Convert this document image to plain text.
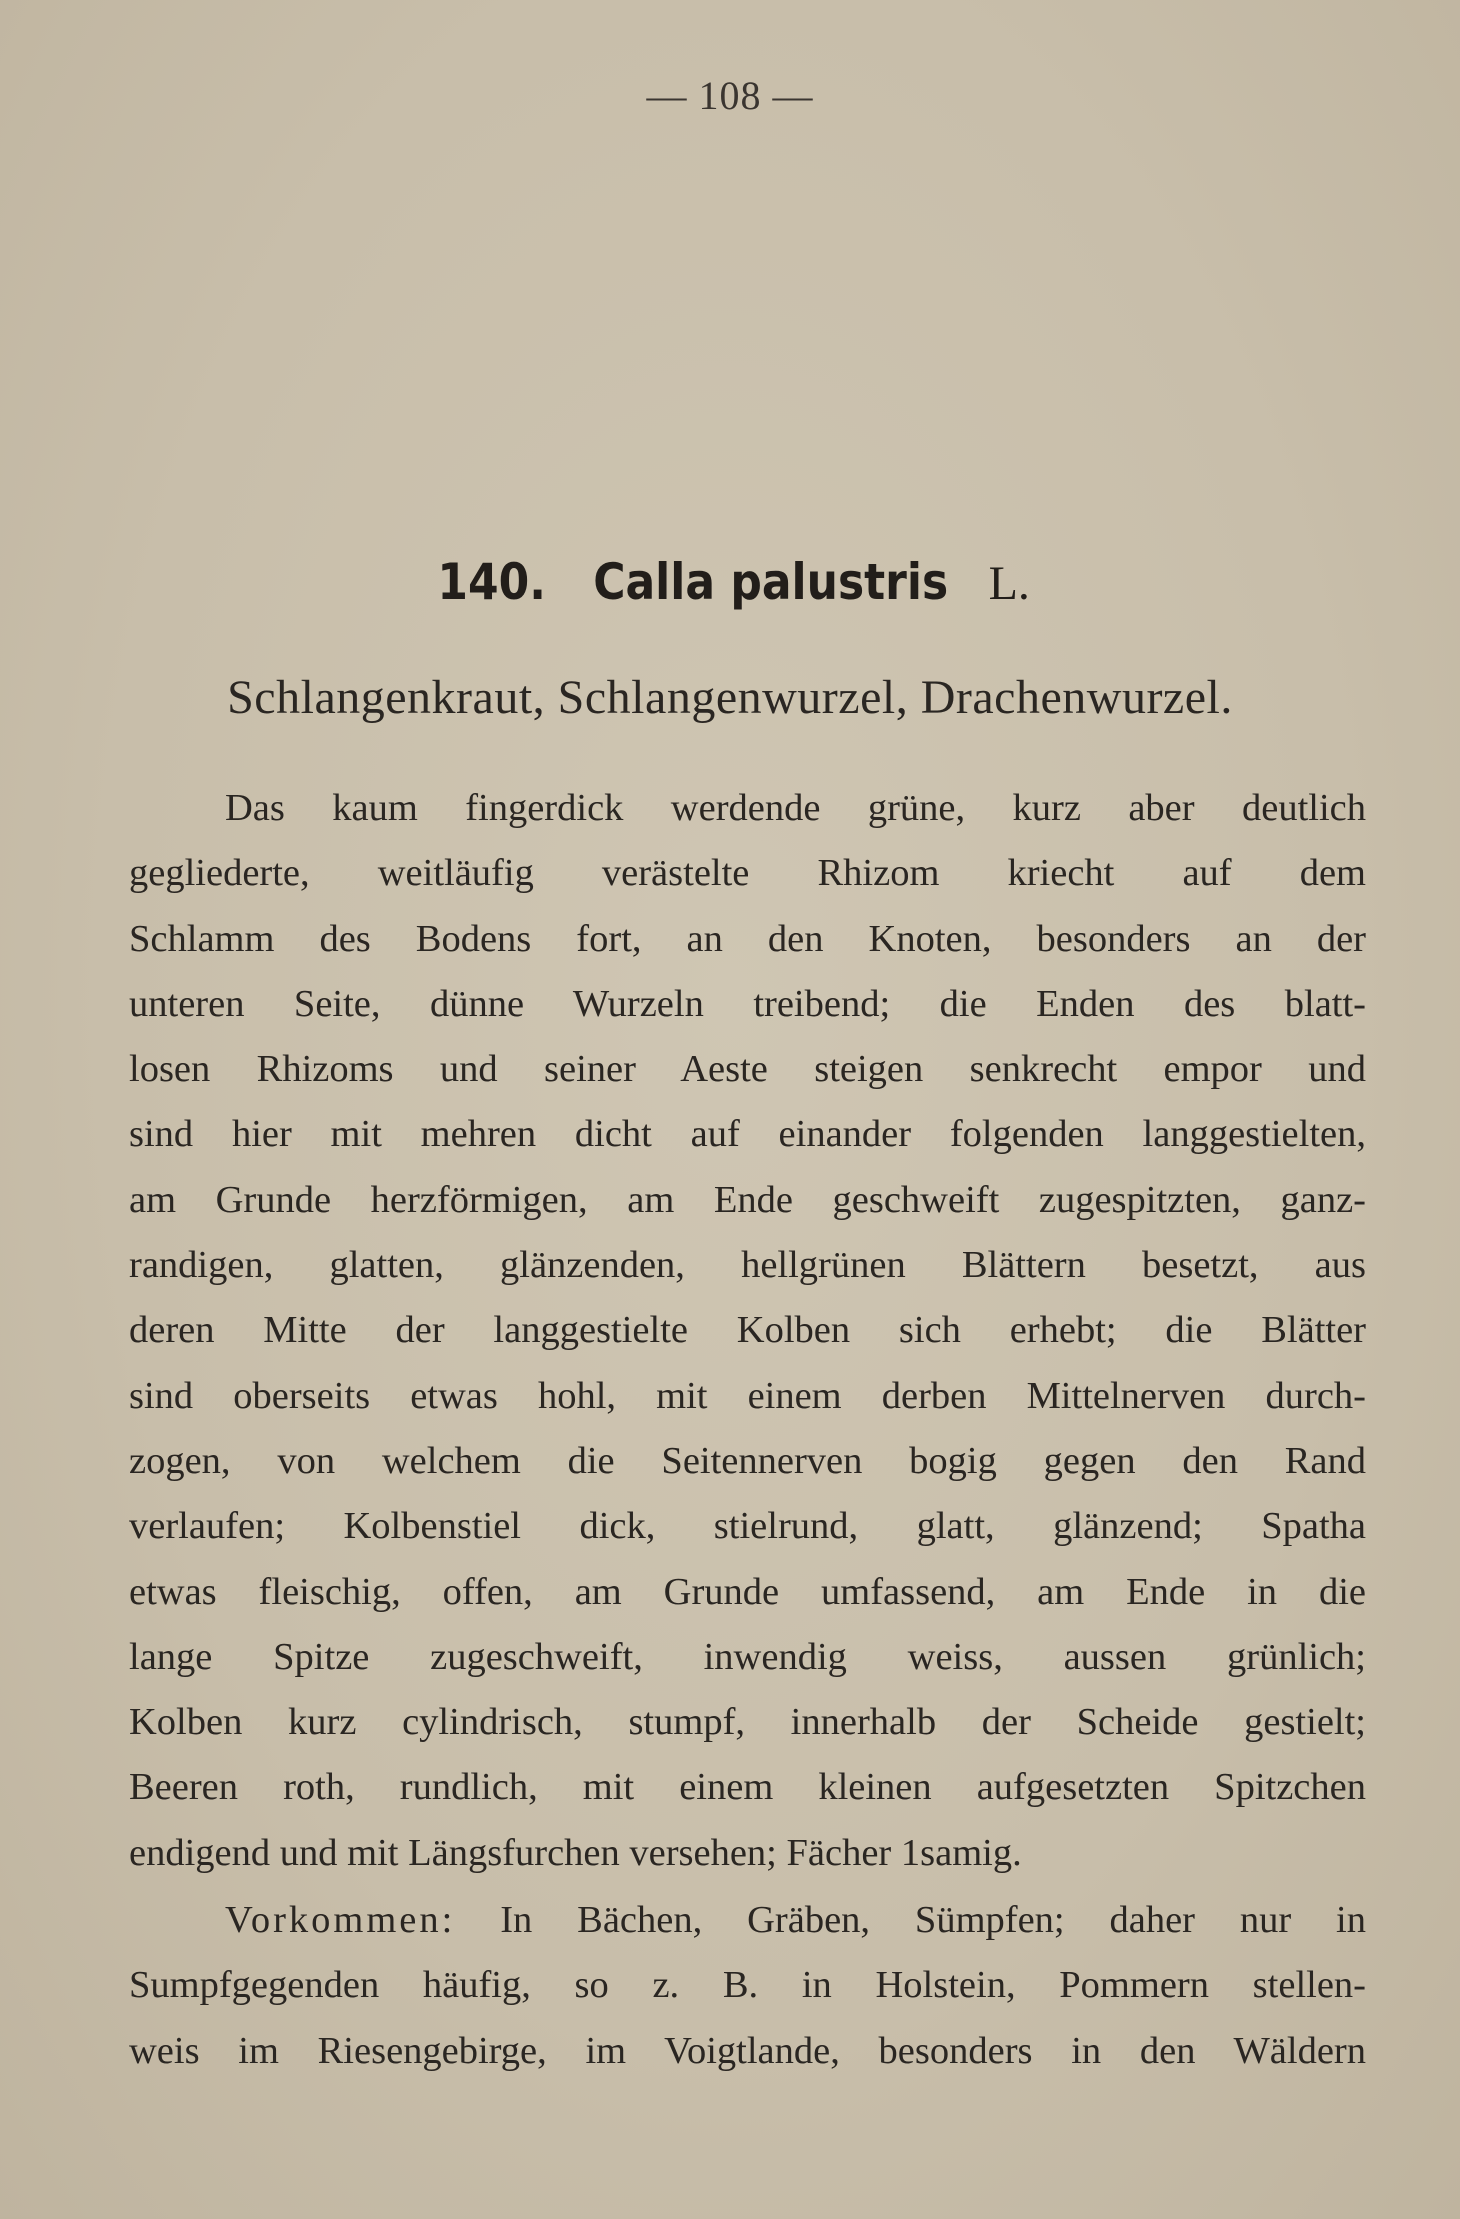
— 108 —
140. Calla palustris L.
Schlangenkraut, Schlangenwurzel, Drachenwurzel.
Das kaum fingerdick werdende grüne, kurz aber deutlich
gegliederte, weitläufig verästelte Rhizom kriecht auf dem
Schlamm des Bodens fort, an den Knoten, besonders an der
unteren Seite, dünne Wurzeln treibend; die Enden des blatt-
losen Rhizoms und seiner Aeste steigen senkrecht empor und
sind hier mit mehren dicht auf einander folgenden langgestielten,
am Grunde herzförmigen, am Ende geschweift zugespitzten, ganz-
randigen, glatten, glänzenden, hellgrünen Blättern besetzt, aus
deren Mitte der langgestielte Kolben sich erhebt; die Blätter
sind oberseits etwas hohl, mit einem derben Mittelnerven durch-
zogen, von welchem die Seitennerven bogig gegen den Rand
verlaufen; Kolbenstiel dick, stielrund, glatt, glänzend; Spatha
etwas fleischig, offen, am Grunde umfassend, am Ende in die
lange Spitze zugeschweift, inwendig weiss, aussen grünlich;
Kolben kurz cylindrisch, stumpf, innerhalb der Scheide gestielt;
Beeren roth, rundlich, mit einem kleinen aufgesetzten Spitzchen
endigend und mit Längsfurchen versehen; Fächer 1samig.
Vorkommen: In Bächen, Gräben, Sümpfen; daher nur in
Sumpfgegenden häufig, so z. B. in Holstein, Pommern stellen-
weis im Riesengebirge, im Voigtlande, besonders in den Wäldern
